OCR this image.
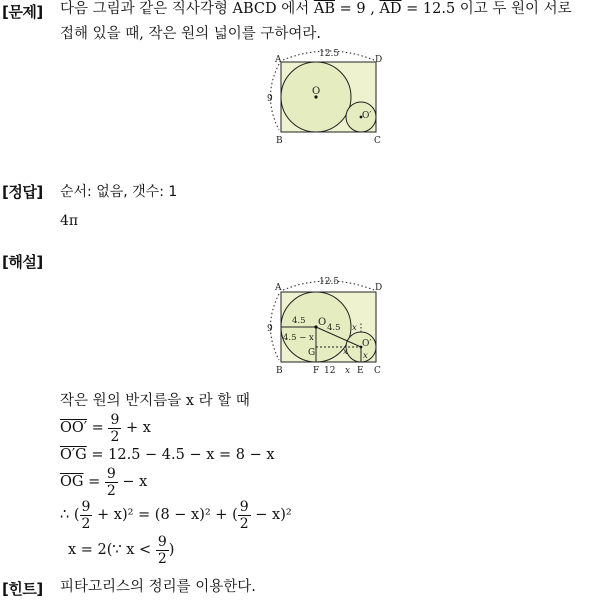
[문제] 다음 그림과 같은 직사각형 ABCD 에서 $\overline{AB} = 9$ , $\overline{AD} = 12.5$ 이고 두 원이 서로
접해 있을 때, 작은 원의 넓이를 구하여라.
A	D
B	C
12.5
9
O
O′
[정답] 순서: 없음, 갯수: 1
4π
[해설]
A	D
B	C
F	E
12 x
12.5
9
O
G
O′
4.5
4.5
4.5 − x
x
x x
작은 원의 반지름을 x 라 할 때
$OO' = \frac{9}{2}$
+ x
O′G
= 12.5 − 4.5 − x = 8 − x
$\overline{OG} = \frac{9}{2}$
− x
∴ ( $\frac{9}{2}$
+ x)² = (8 − x)² + ( $\frac{9}{2}$
− x)²
x = 2(∵ x <
$\frac{9}{2}$ )
[힌트] 피타고리스의 정리를 이용한다.
